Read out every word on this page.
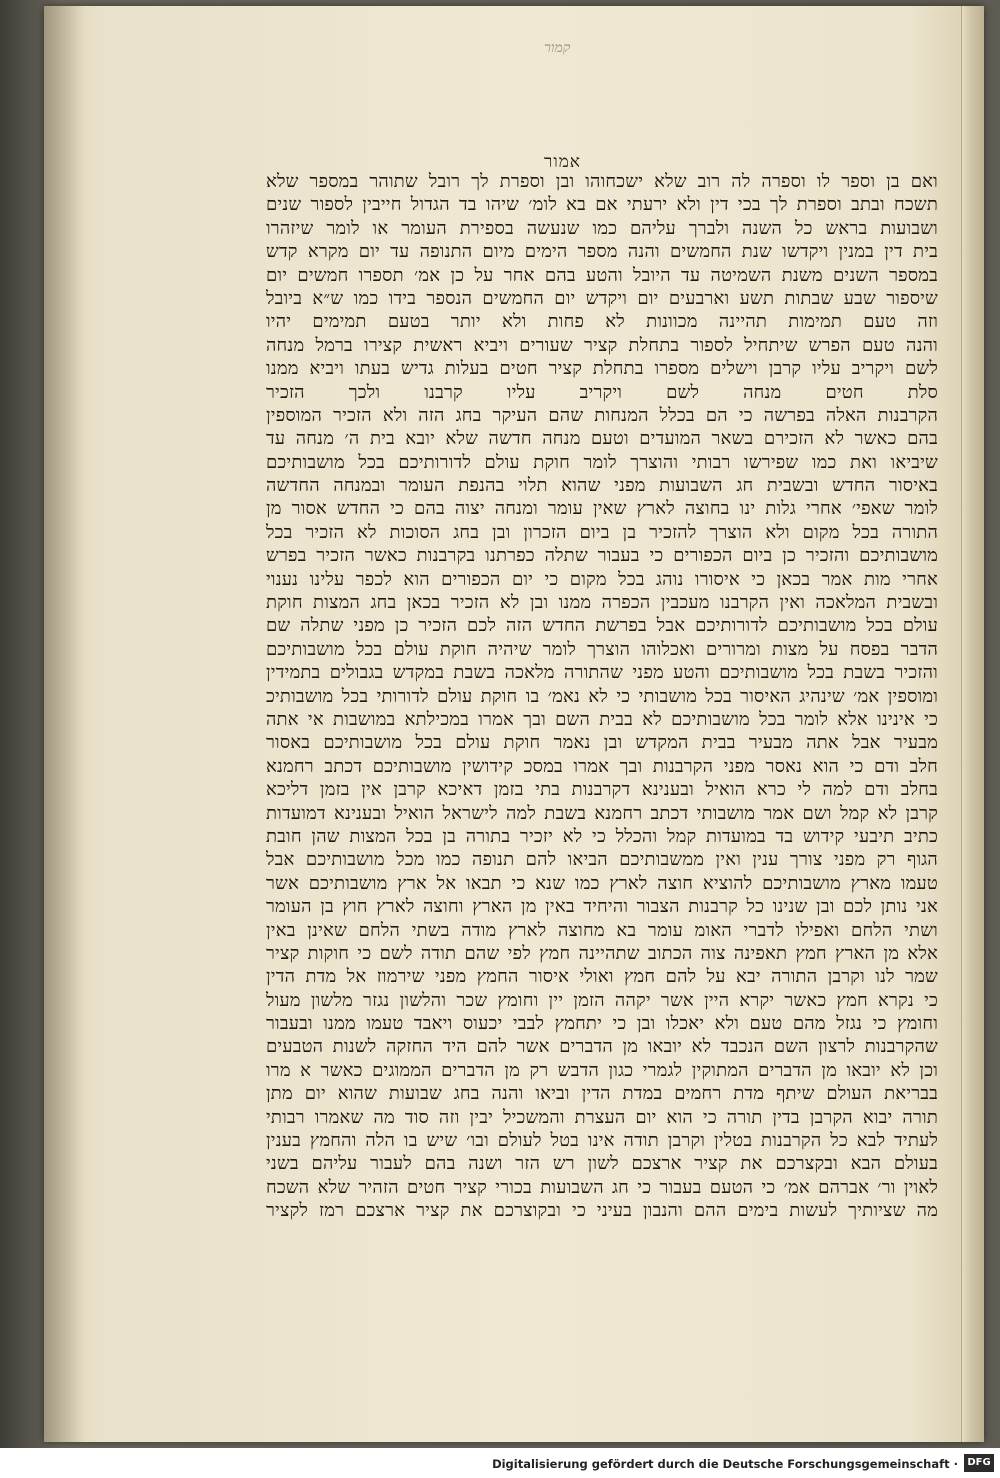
קמור
אמור
ואם בן וספר לו וספרה לה רוב שלא ישכחוהו ובן וספרת לך רובל שתוהר במספר שלא
תשכח ובתב וספרת לך בכי דין ולא ירעתי אם בא לומ׳ שיהו בד הגדול חייבין לספור שנים
ושבועות בראש כל השנה ולברך עליהם כמו שנעשה בספירת העומר או לומר שיזהרו
בית דין במנין ויקדשו שנת החמשים והנה מספר הימים מיום התנופה עד יום מקרא קדש
במספר השנים משנת השמיטה עד היובל והטע בהם אחר על כן אמ׳ תספרו חמשים יום
שיספור שבע שבתות תשע וארבעים יום ויקדש יום החמשים הנספר בידו כמו ש״א ביובל
וזה טעם תמימות תהיינה מכוונות לא פחות ולא יותר בטעם תמימים יהיו
והנה טעם הפרש שיתחיל לספור בתחלת קציר שעורים ויביא ראשית קצירו ברמל מנחה
לשם ויקריב עליו קרבן וישלים מספרו בתחלת קציר חטים בעלות גדיש בעתו ויביא ממנו
סלת חטים מנחה לשם ויקריב עליו קרבנו ולכך הזכיר
הקרבנות האלה בפרשה כי הם בכלל המנחות שהם העיקר בחג הזה ולא הזכיר המוספין
בהם כאשר לא הזכירם בשאר המועדים וטעם מנחה חדשה שלא יובא בית ה׳ מנחה עד
שיביאו ואת כמו שפירשו רבותי והוצרך לומר חוקת עולם לדורותיכם בכל מושבותיכם
באיסור החדש ובשבית חג השבועות מפני שהוא תלוי בהנפת העומר ובמנחה החדשה
לומר שאפי׳ אחרי גלות ינו בחוצה לארץ שאין עומר ומנחה יצוה בהם כי החדש אסור מן
התורה בכל מקום ולא הוצרך להזכיר בן ביום הזכרון ובן בחג הסוכות לא הזכיר בכל
מושבותיכם והזכיר כן ביום הכפורים כי בעבור שתלה כפרתנו בקרבנות כאשר הזכיר בפרש
אחרי מות אמר בכאן כי איסורו נוהג בכל מקום כי יום הכפורים הוא לכפר עלינו נענוי
ובשבית המלאכה ואין הקרבנו מעכבין הכפרה ממנו ובן לא הזכיר בכאן בחג המצות חוקת
עולם בכל מושבותיכם לדורותיכם אבל בפרשת החדש הזה לכם הזכיר כן מפני שתלה שם
הדבר בפסח על מצות ומרורים ואכלוהו הוצרך לומר שיהיה חוקת עולם בכל מושבותיכם
והזכיר בשבת בכל מושבותיכם והטע מפני שהתורה מלאכה בשבת במקדש בגבולים בתמידין
ומוספין אמ׳ שינהיג האיסור בכל מושבותי כי לא נאמ׳ בו חוקת עולם לדורותי בכל מושבותיכ
כי אינינו אלא לומר בכל מושבותיכם לא בבית השם ובך אמרו במכילתא במושבות אי אתה
מבעיר אבל אתה מבעיר בבית המקדש ובן נאמר חוקת עולם בכל מושבותיכם באסור
חלב ודם כי הוא נאסר מפני הקרבנות ובך אמרו במסכ קידושין מושבותיכם דכתב רחמנא
בחלב ודם למה לי כרא הואיל ובענינא דקרבנות בתי בזמן דאיכא קרבן אין בזמן דליכא
קרבן לא קמל ושם אמר מושבותי דכתב רחמנא בשבת למה לישראל הואיל ובענינא דמועדות
כתיב תיבעי קידוש בד במועדות קמל והכלל כי לא יזכיר בתורה בן בכל המצות שהן חובת
הגוף רק מפני צורך ענין ואין ממשבותיכם הביאו להם תנופה כמו מכל מושבותיכם אבל
טעמו מארץ מושבותיכם להוציא חוצה לארץ כמו שנא כי תבאו אל ארץ מושבותיכם אשר
אני נותן לכם ובן שנינו כל קרבנות הצבור והיחיד באין מן הארץ וחוצה לארץ חוץ בן העומר
ושתי הלחם ואפילו לדברי האומ עומר בא מחוצה לארץ מודה בשתי הלחם שאינן באין
אלא מן הארץ חמץ תאפינה צוה הכתוב שתהיינה חמץ לפי שהם תודה לשם כי חוקות קציר
שמר לנו וקרבן התורה יבא על להם חמץ ואולי איסור החמץ מפני שירמוז אל מדת הדין
כי נקרא חמץ כאשר יקרא היין אשר יקהה הזמן יין וחומץ שכר והלשון נגזר מלשון מעול
וחומץ כי נגזל מהם טעם ולא יאכלו ובן כי יתחמץ לבבי יכעוס ויאבד טעמו ממנו ובעבור
שהקרבנות לרצון השם הנכבד לא יובאו מן הדברים אשר להם היד החזקה לשנות הטבעים
וכן לא יובאו מן הדברים המתוקין לגמרי כגון הדבש רק מן הדברים הממוגים כאשר א מרו
בבריאת העולם שיתף מדת רחמים במדת הדין וביאו והנה בחג שבועות שהוא יום מתן
תורה יבוא הקרבן בדין תורה כי הוא יום העצרת והמשכיל יבין וזה סוד מה שאמרו רבותי
לעתיד לבא כל הקרבנות בטלין וקרבן תודה אינו בטל לעולם ובו׳ שיש בו הלה והחמץ בענין
בעולם הבא ובקצרכם את קציר ארצכם לשון רש הזר ושנה בהם לעבור עליהם בשני
לאוין ור׳ אברהם אמ׳ כי הטעם בעבור כי חג השבועות בכורי קציר חטים הזהיר שלא השכח
מה שציותיך לעשות בימים ההם והנבון בעיני כי ובקוצרכם את קציר ארצכם רמז לקציר
Digitalisierung gefördert durch die Deutsche Forschungsgemeinschaft · DFG
